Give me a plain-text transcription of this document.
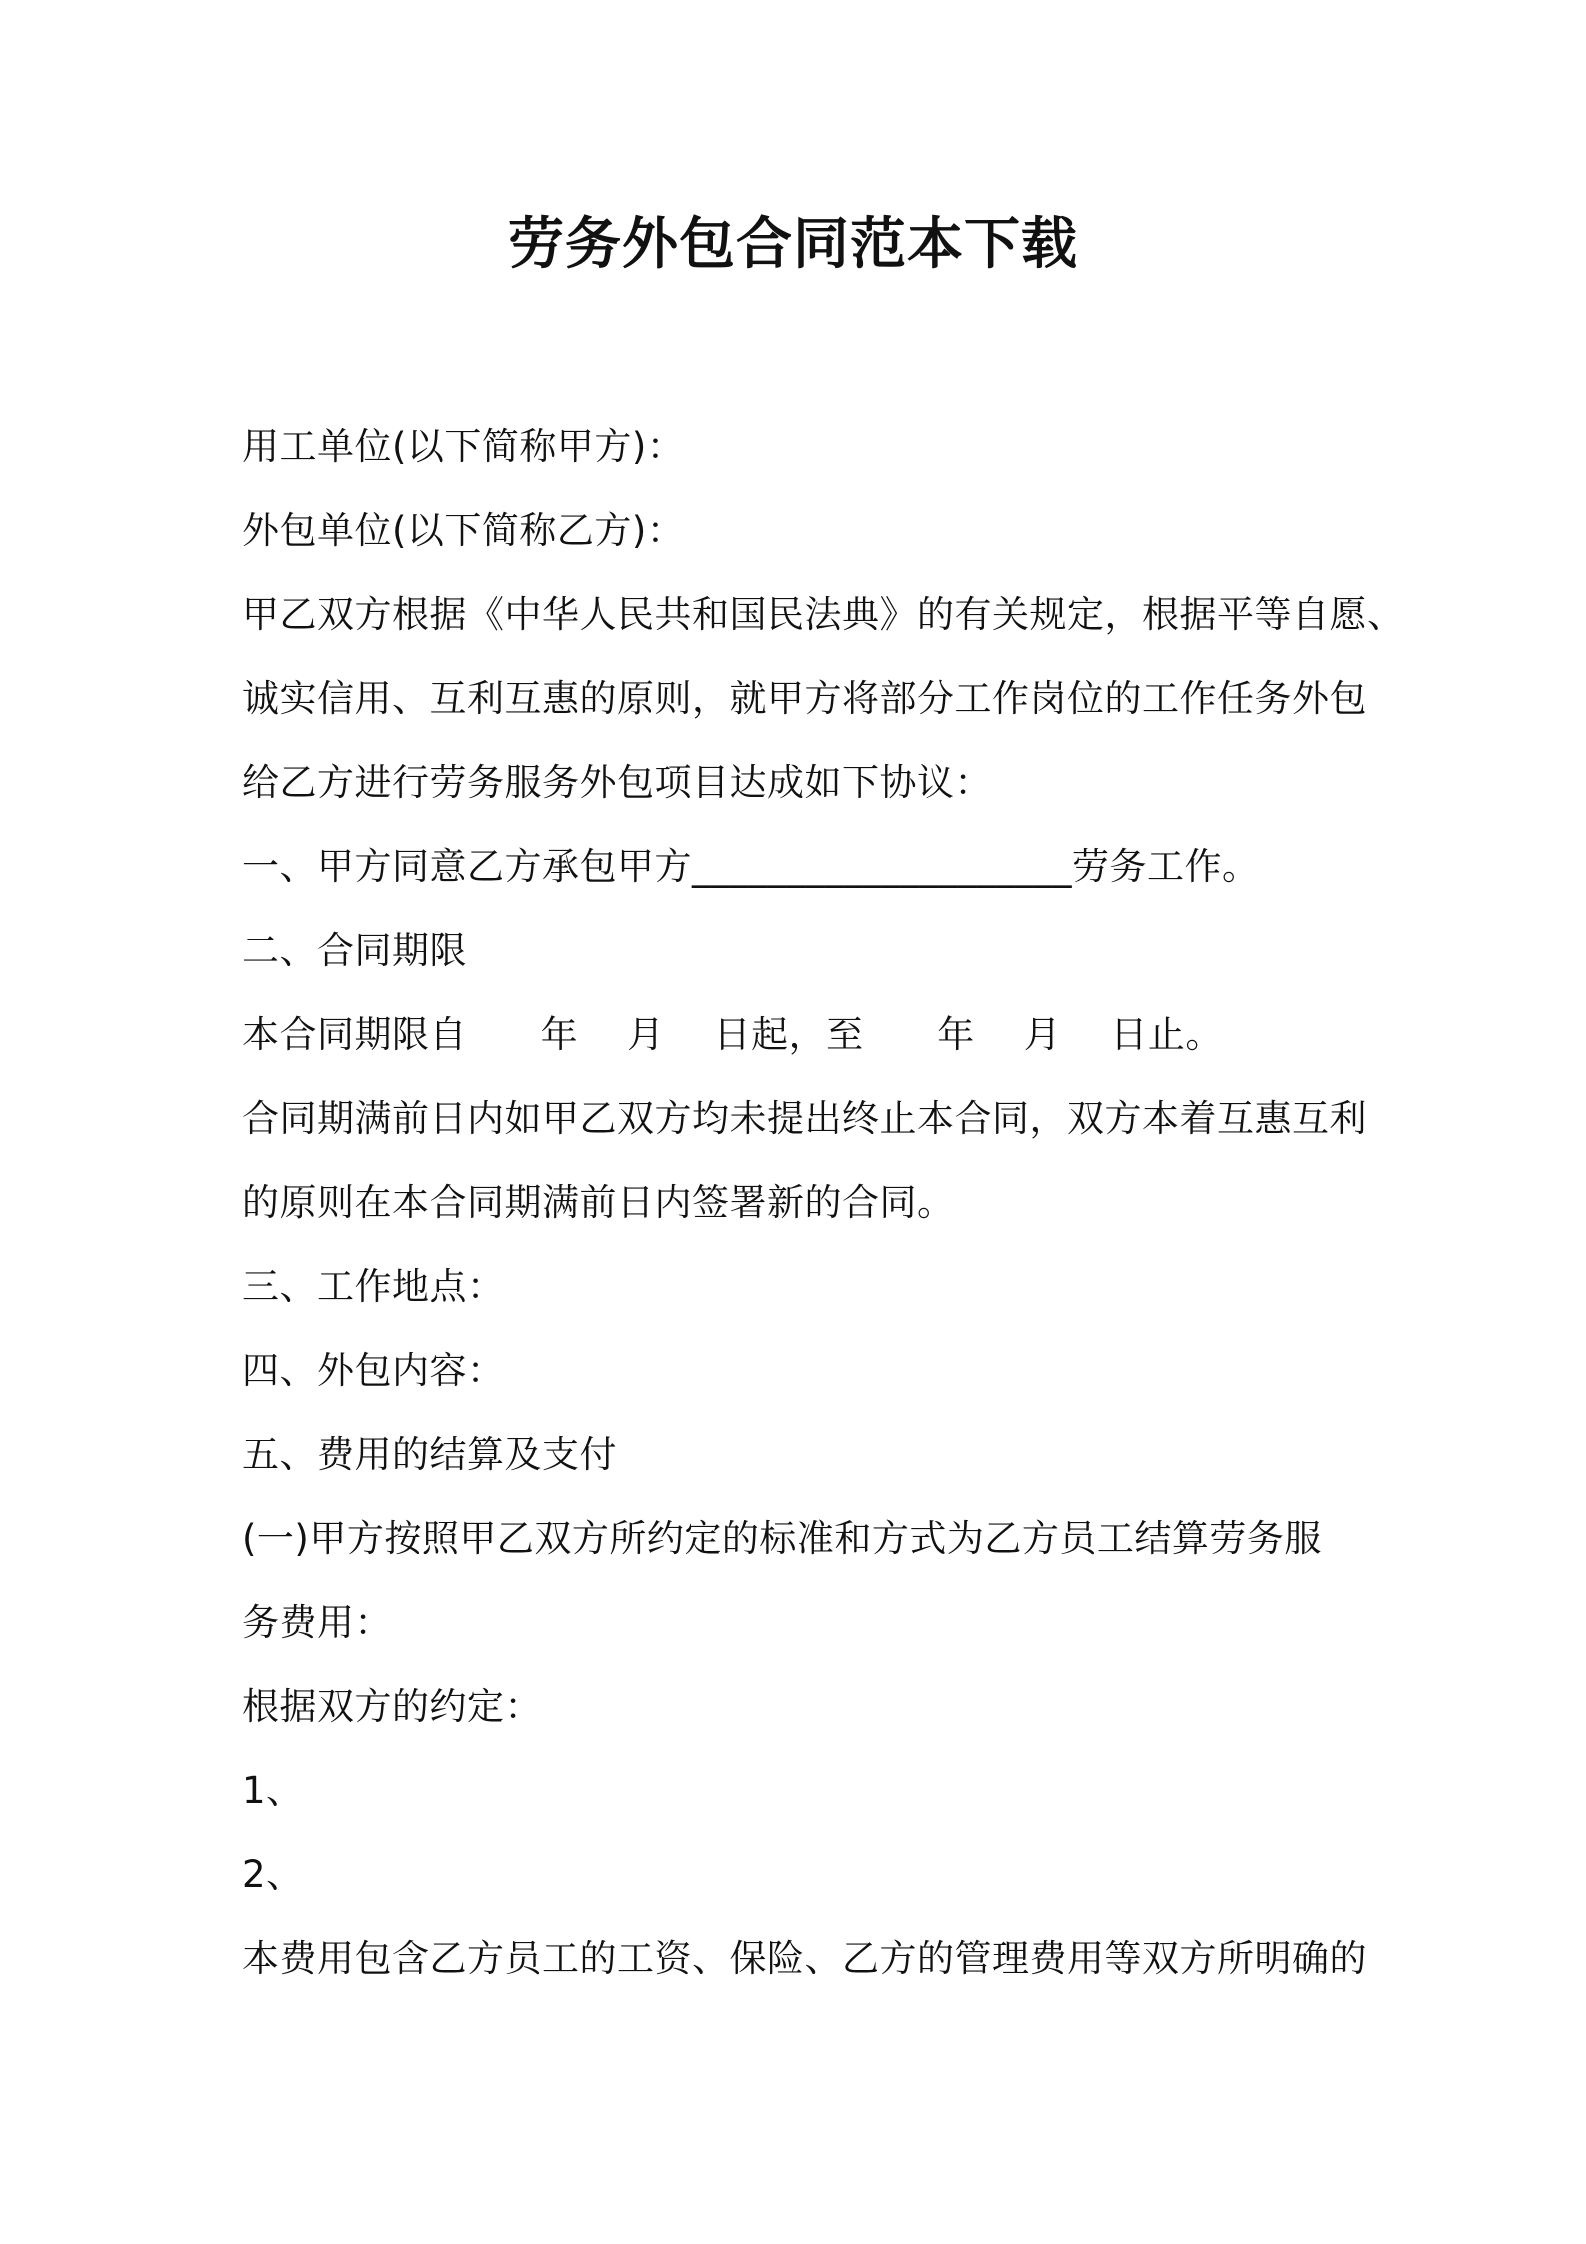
劳务外包合同范本下载
用工单位(以下简称甲方)：
外包单位(以下简称乙方)：
甲乙双方根据《中华人民共和国民法典》的有关规定，根据平等自愿、
诚实信用、互利互惠的原则，就甲方将部分工作岗位的工作任务外包
给乙方进行劳务服务外包项目达成如下协议：
一、甲方同意乙方承包甲方____________________劳务工作。
二、合同期限
本合同期限自      年    月    日起，至      年    月    日止。
合同期满前日内如甲乙双方均未提出终止本合同，双方本着互惠互利
的原则在本合同期满前日内签署新的合同。
三、工作地点：
四、外包内容：
五、费用的结算及支付
(一)甲方按照甲乙双方所约定的标准和方式为乙方员工结算劳务服
务费用：
根据双方的约定：
1、
2、
本费用包含乙方员工的工资、保险、乙方的管理费用等双方所明确的
